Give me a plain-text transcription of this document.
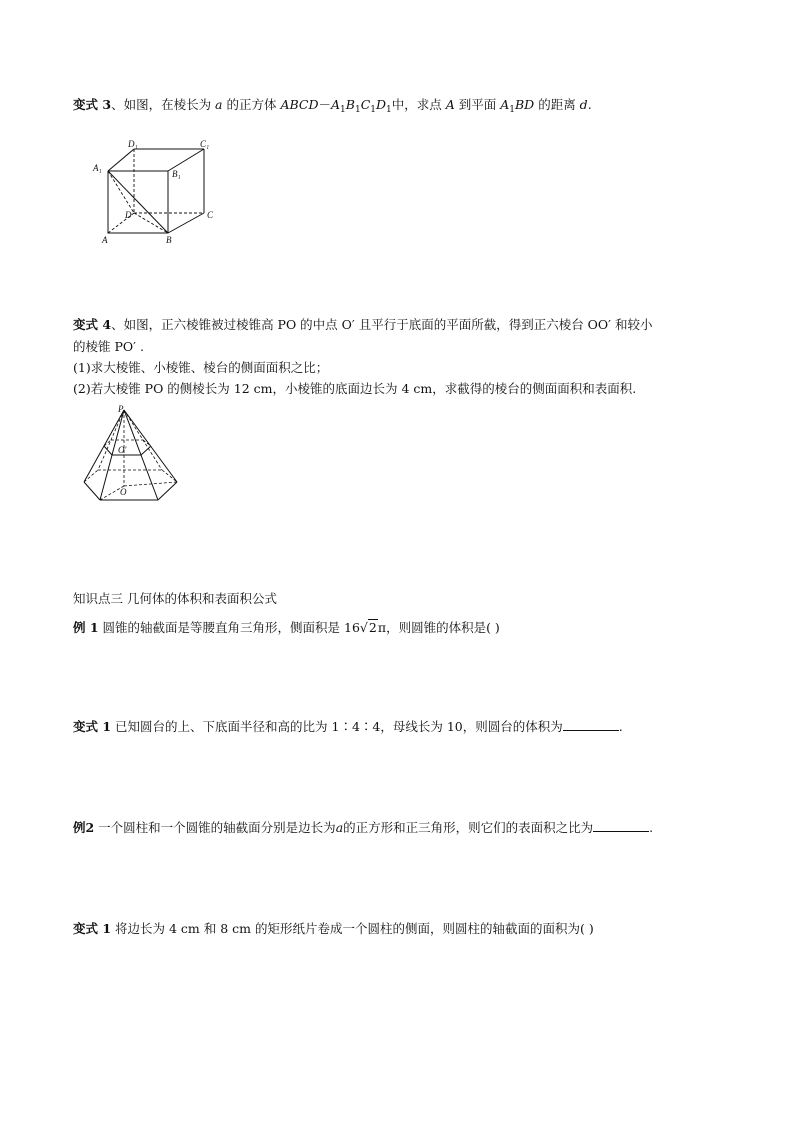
变式 3、如图，在棱长为 a 的正方体 $ABCD-A_1B_1C_1D_1$中，求点 A 到平面 $A_1BD$ 的距离 d.
A₁
D₁	C₁
B₁
D	C
A	B
变式 4、如图，正六棱锥被过棱锥高 PO 的中点 O′ 且平行于底面的平面所截，得到正六棱台 OO′ 和较小
的棱锥 PO′ .
(1)求大棱锥、小棱锥、棱台的侧面面积之比；
(2)若大棱锥 PO 的侧棱长为 12 cm，小棱锥的底面边长为 4 cm，求截得的棱台的侧面面积和表面积.
P
O′
O
知识点三 几何体的体积和表面积公式
例 1 圆锥的轴截面是等腰直角三角形，侧面积是 16√2π，则圆锥的体积是( )
变式 1 已知圆台的上、下底面半径和高的比为 1∶4∶4，母线长为 10，则圆台的体积为	.
例2 一个圆柱和一个圆锥的轴截面分别是边长为a的正方形和正三角形，则它们的表面积之比为	.
变式 1 将边长为 4 cm 和 8 cm 的矩形纸片卷成一个圆柱的侧面，则圆柱的轴截面的面积为( )
